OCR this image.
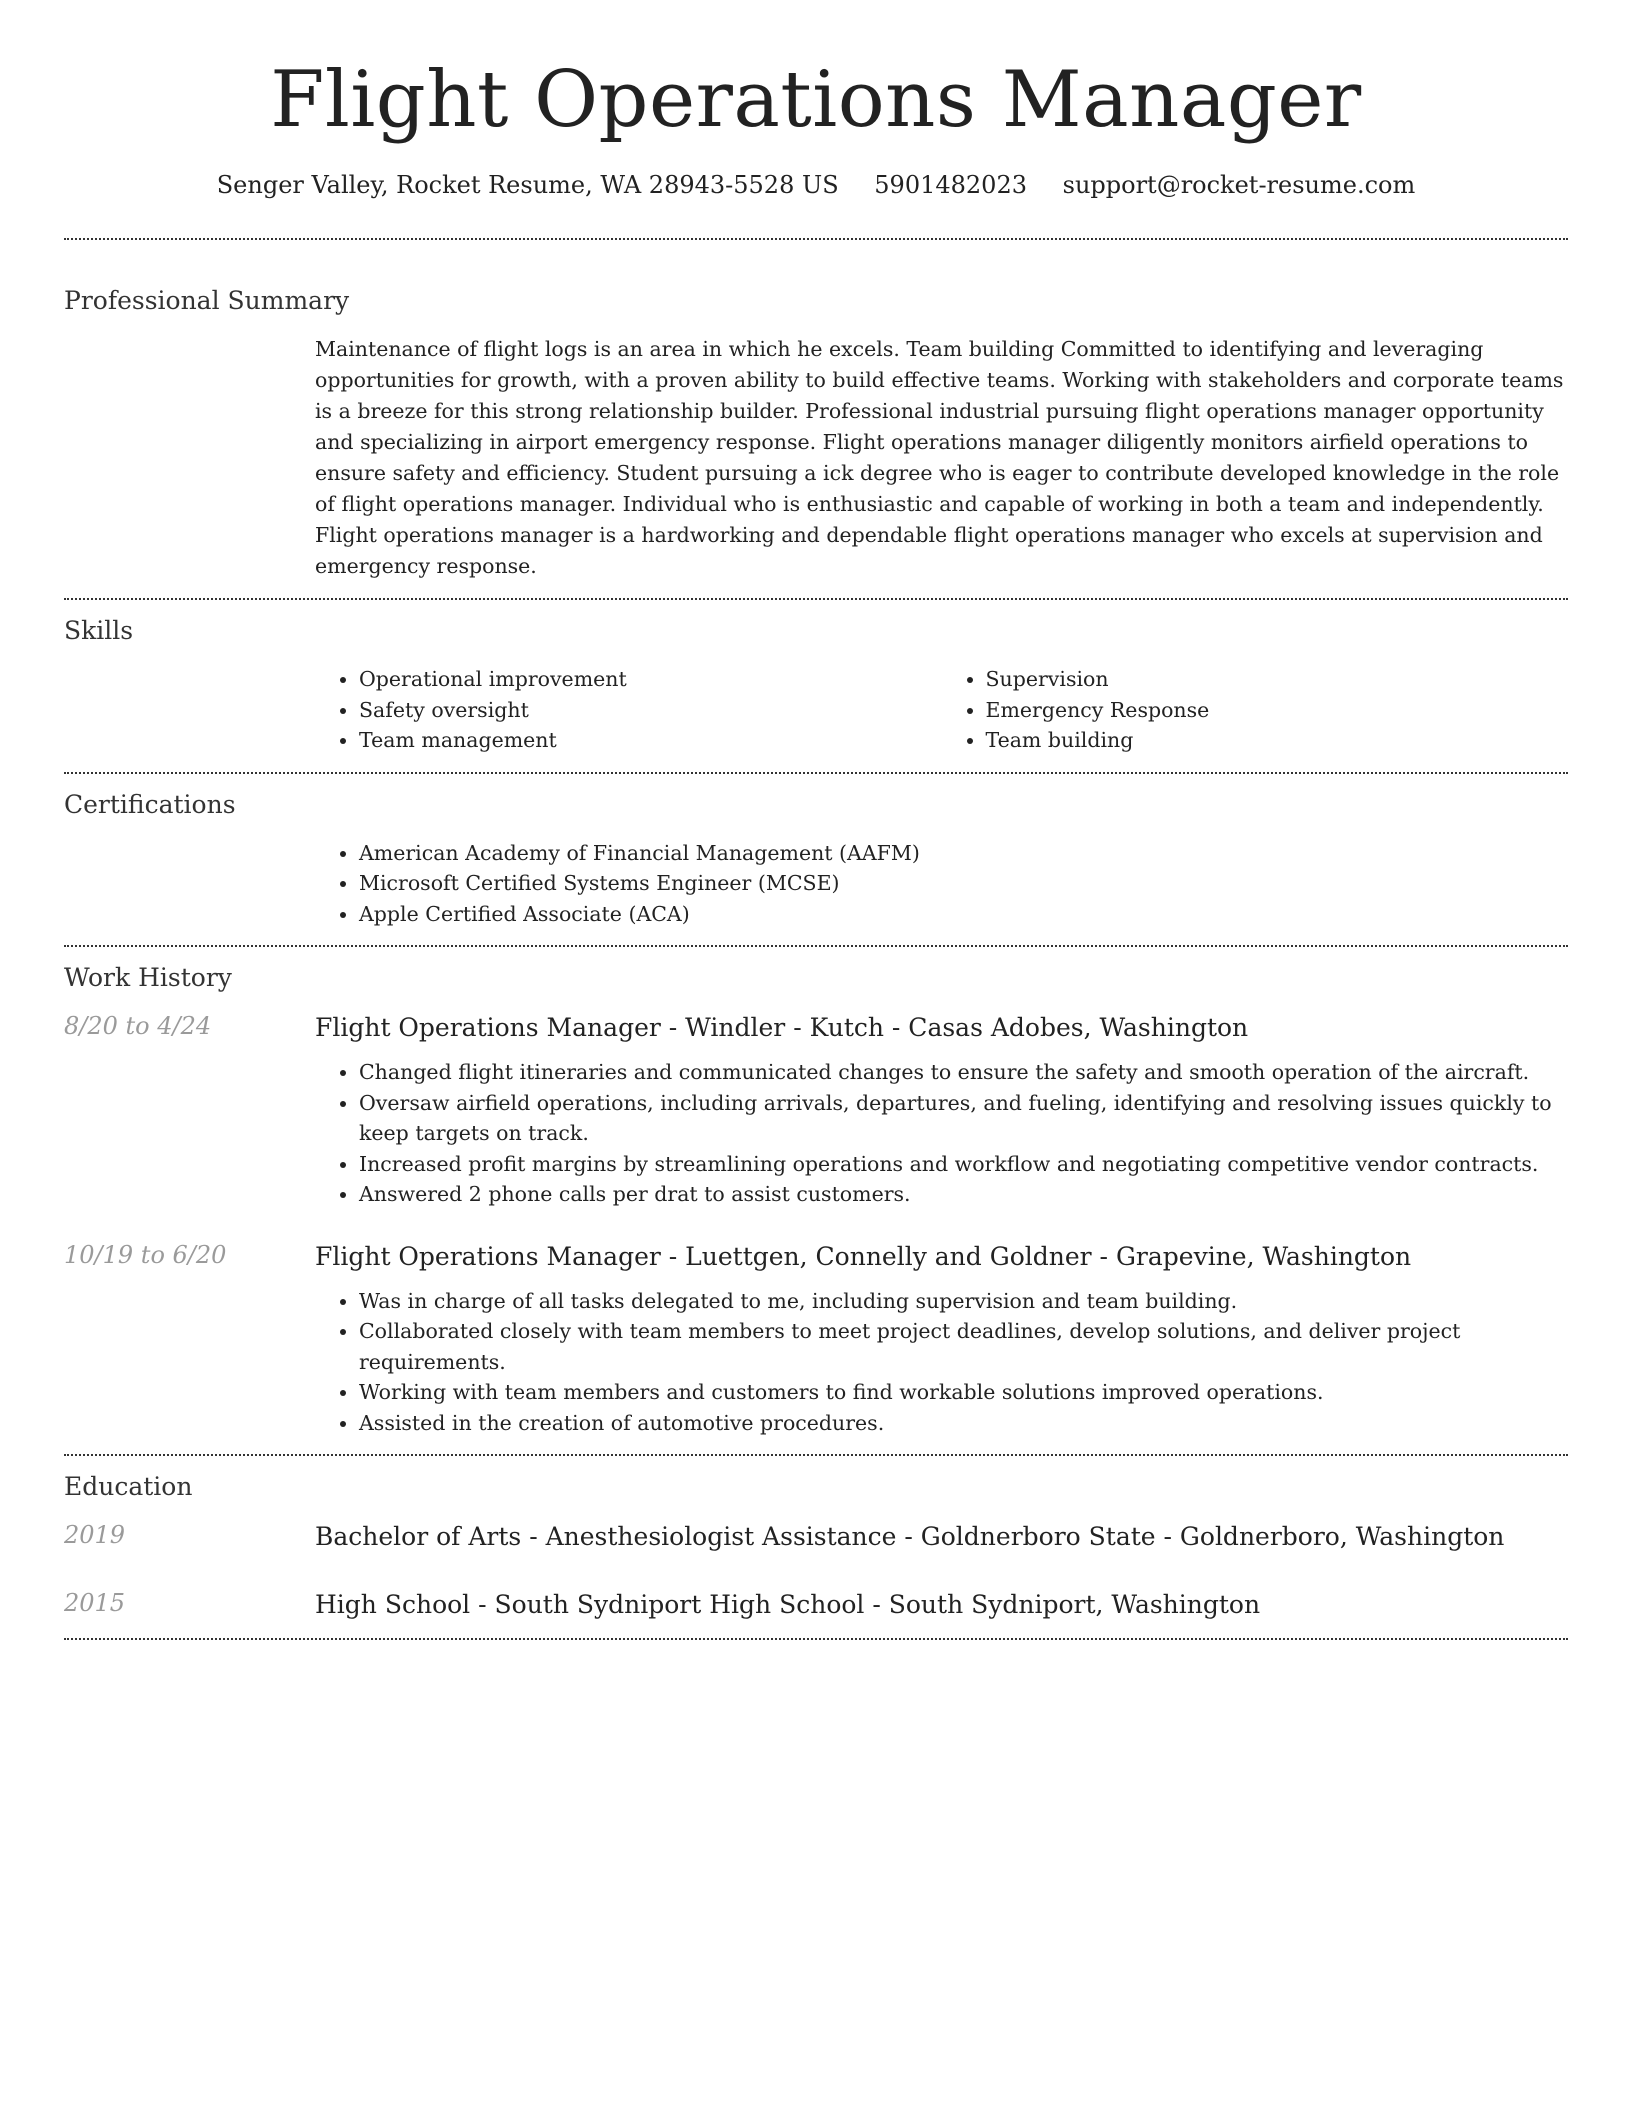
Flight Operations Manager
Senger Valley, Rocket Resume, WA 28943-5528 US 5901482023 support@rocket-resume.com
Professional Summary

Maintenance of flight logs is an area in which he excels. Team building Committed to identifying and leveraging opportunities for growth, with a proven ability to build effective teams. Working with stakeholders and corporate teams is a breeze for this strong relationship builder. Professional industrial pursuing flight operations manager opportunity and specializing in airport emergency response. Flight operations manager diligently monitors airfield operations to ensure safety and efficiency. Student pursuing a ick degree who is eager to contribute developed knowledge in the role of flight operations manager. Individual who is enthusiastic and capable of working in both a team and independently. Flight operations manager is a hardworking and dependable flight operations manager who excels at supervision and emergency response.

Skills
• Operational improvement
• Safety oversight
• Team management
• Supervision
• Emergency Response
• Team building
Certifications
• American Academy of Financial Management (AAFM)
• Microsoft Certified Systems Engineer (MCSE)
• Apple Certified Associate (ACA)
Work History
8/20 to 4/24	Flight Operations Manager - Windler - Kutch - Casas Adobes, Washington
• Changed flight itineraries and communicated changes to ensure the safety and smooth operation of the aircraft.
• Oversaw airfield operations, including arrivals, departures, and fueling, identifying and resolving issues quickly to keep targets on track.
• Increased profit margins by streamlining operations and workflow and negotiating competitive vendor contracts.
• Answered 2 phone calls per drat to assist customers.
10/19 to 6/20	Flight Operations Manager - Luettgen, Connelly and Goldner - Grapevine, Washington
• Was in charge of all tasks delegated to me, including supervision and team building.
• Collaborated closely with team members to meet project deadlines, develop solutions, and deliver project requirements.
• Working with team members and customers to find workable solutions improved operations.
• Assisted in the creation of automotive procedures.
Education
2019	Bachelor of Arts - Anesthesiologist Assistance - Goldnerboro State - Goldnerboro, Washington
2015	High School - South Sydniport High School - South Sydniport, Washington
